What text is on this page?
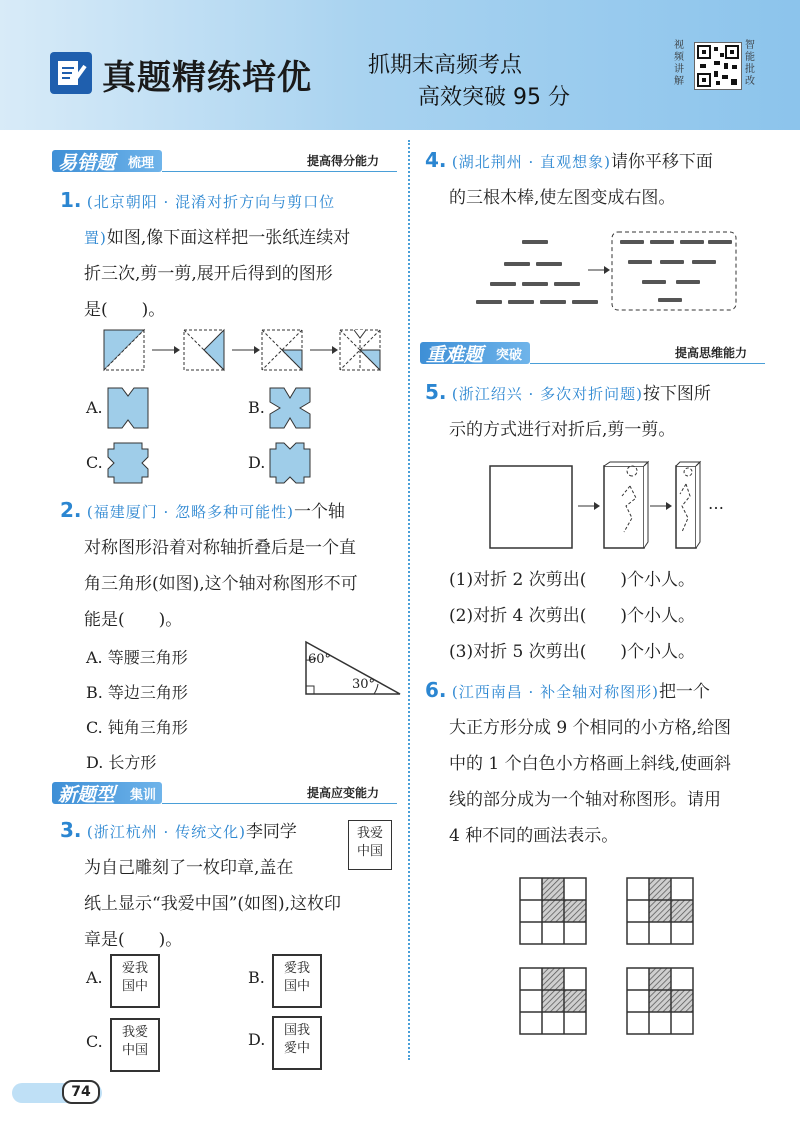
真题精练培优	抓期末高频考点
高效突破 95 分
视频讲解
智能批改
易错题 梳理	提高得分能力
1. (北京朝阳 · 混淆对折方向与剪口位
置)如图,像下面这样把一张纸连续对
折三次,剪一剪,展开后得到的图形
是(　　)。
A.	B.
C.	D.
2. (福建厦门 · 忽略多种可能性)一个轴
对称图形沿着对称轴折叠后是一个直
角三角形(如图),这个轴对称图形不可
能是(　　)。
A. 等腰三角形
B. 等边三角形
C. 钝角三角形
D. 长方形
60°
30°
新题型 集训	提高应变能力
3. (浙江杭州 · 传统文化)李同学
为自己雕刻了一枚印章,盖在
纸上显示“我爱中国”(如图),这枚印
章是(　　)。
我爱
中国
A.	爱我
国中	B.	愛我
国中
C.	我愛
中国
D.	国我
愛中
4. (湖北荆州 · 直观想象)请你平移下面
的三根木棒,使左图变成右图。
重难题 突破	提高思维能力
5. (浙江绍兴 · 多次对折问题)按下图所
示的方式进行对折后,剪一剪。
…
(1)对折 2 次剪出(　　)个小人。
(2)对折 4 次剪出(　　)个小人。
(3)对折 5 次剪出(　　)个小人。
6. (江西南昌 · 补全轴对称图形)把一个
大正方形分成 9 个相同的小方格,给图
中的 1 个白色小方格画上斜线,使画斜
线的部分成为一个轴对称图形。请用
4 种不同的画法表示。
74
